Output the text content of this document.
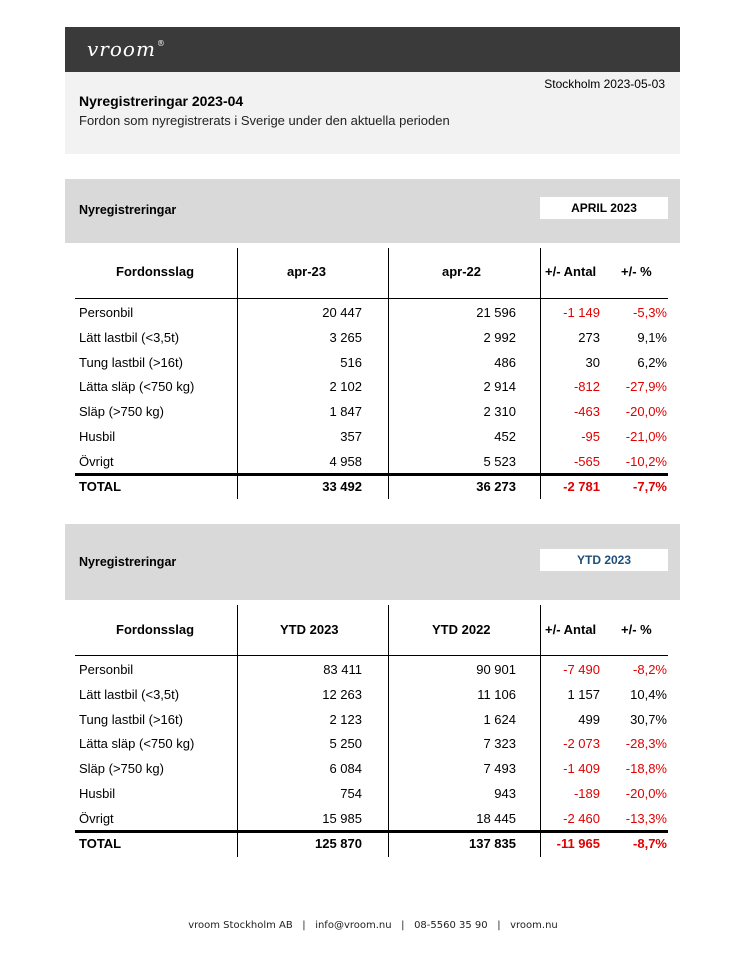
vroom®
Stockholm 2023-05-03
Nyregistreringar 2023-04
Fordon som nyregistrerats i Sverige under den aktuella perioden
Nyregistreringar	APRIL 2023
Fordonsslag	apr-23	apr-22	+/- Antal +/- %
Personbil	20 447	21 596	-1 149	-5,3%
Lätt lastbil (<3,5t)	3 265	2 992	273	9,1%
Tung lastbil (>16t)	516	486	30	6,2%
Lätta släp (<750 kg)	2 102	2 914	-812 -27,9%
Släp (>750 kg)	1 847	2 310	-463 -20,0%
Husbil	357	452	-95 -21,0%
Övrigt	4 958	5 523	-565 -10,2%
TOTAL	33 492	36 273	-2 781	-7,7%
Nyregistreringar	YTD 2023
Fordonsslag	YTD 2023	YTD 2022	+/- Antal +/- %
Personbil	83 411	90 901	-7 490	-8,2%
Lätt lastbil (<3,5t)	12 263	11 106	1 157 10,4%
Tung lastbil (>16t)	2 123	1 624	499 30,7%
Lätta släp (<750 kg)	5 250	7 323	-2 073 -28,3%
Släp (>750 kg)	6 084	7 493	-1 409 -18,8%
Husbil	754	943	-189 -20,0%
Övrigt	15 985	18 445	-2 460 -13,3%
TOTAL	125 870	137 835	-11 965	-8,7%
vroom Stockholm AB | info@vroom.nu | 08-5560 35 90 | vroom.nu
